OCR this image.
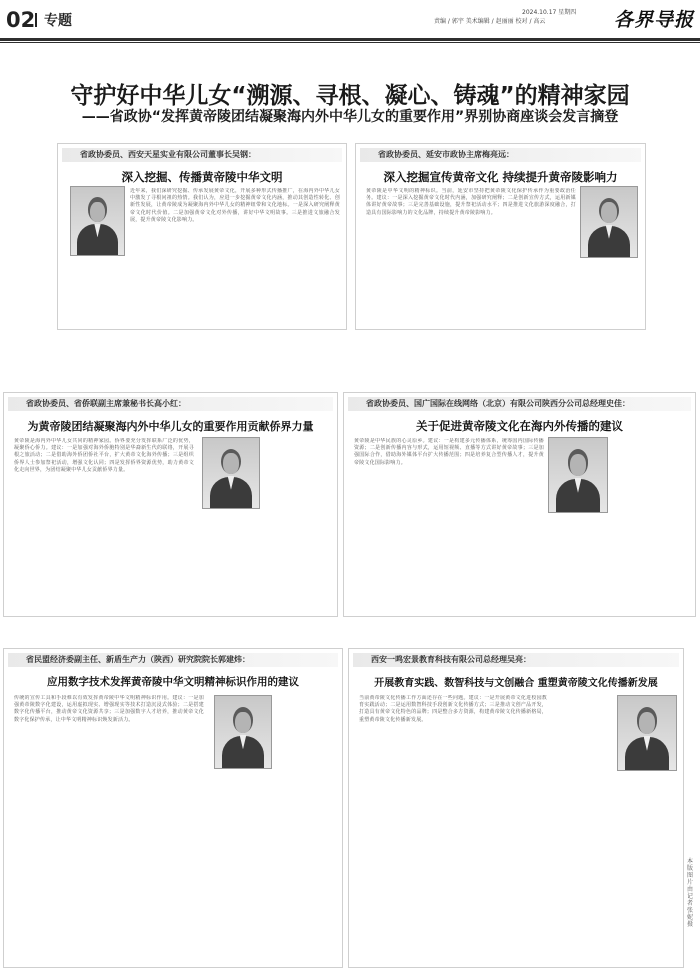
02 专题
2024.10.17 星期四
责编 / 郭宇 美术编辑 / 赵丽丽 校对 / 高云	各界导报
守护好中华儿女“溯源、寻根、凝心、铸魂”的精神家园
——省政协“发挥黄帝陵团结凝聚海内外中华儿女的重要作用”界别协商座谈会发言摘登
省政协委员、西安天星实业有限公司董事长吴钢：
深入挖掘、传播黄帝陵中华文明
近年来，我们深研究挖掘、传承发展黄帝文化，开展多种形式传播推广，在海内外中华儿女中激发了寻根问祖的热情。我们认为，应进一步挖掘黄帝文化内涵，推动其创造性转化、创新性发展，让黄帝陵成为凝聚海内外中华儿女的精神纽带和文化地标。一是深入研究阐释黄帝文化时代价值。二是加强黄帝文化对外传播，讲好中华文明故事。三是推进文旅融合发展，提升黄帝陵文化影响力。
省政协委员、延安市政协主席梅亮远：
深入挖掘宣传黄帝文化 持续提升黄帝陵影响力
黄帝陵是中华文明的精神标识。当前，延安市坚持把黄帝陵文化保护传承作为重要政治任务。建议：一是深入挖掘黄帝文化时代内涵，加强研究阐释；二是创新宣传方式，运用新媒体讲好黄帝故事；三是完善基础设施，提升祭祀活动水平；四是推进文化旅游深度融合，打造具有国际影响力的文化品牌，持续提升黄帝陵影响力。
省政协委员、省侨联副主席兼秘书长高小红：
为黄帝陵团结凝聚海内外中华儿女的重要作用贡献侨界力量
黄帝陵是海内外中华儿女共同的精神家园。侨界要充分发挥联系广泛的优势，凝聚侨心侨力。建议：一是加强对海外侨胞特别是华裔新生代的联络，开展寻根之旅活动；二是借助海外侨团侨社平台，扩大黄帝文化海外传播；三是组织侨界人士参加祭祀活动，增强文化认同；四是发挥侨界资源优势，助力黄帝文化走向世界，为团结凝聚中华儿女贡献侨界力量。
省政协委员、国广国际在线网络（北京）有限公司陕西分公司总经理史佳：
关于促进黄帝陵文化在海内外传播的建议
黄帝陵是中华民族的心灵原乡。建议：一是构建多元传播体系，统筹国内国际传播资源；二是创新传播内容与形式，运用短视频、直播等方式讲好黄帝故事；三是加强国际合作，借助海外媒体平台扩大传播范围；四是培养复合型传播人才，提升黄帝陵文化国际影响力。
省民盟经济委副主任、新盾生产力（陕西）研究院院长郭建炜：
应用数字技术发挥黄帝陵中华文明精神标识作用的建议
传统的宣传工具和手段难以有效发挥黄帝陵中华文明精神标识作用。建议：一是加强黄帝陵数字化建设，运用虚拟现实、增强现实等技术打造沉浸式体验；二是搭建数字化传播平台，推动黄帝文化资源共享；三是加强数字人才培养，推动黄帝文化数字化保护传承，让中华文明精神标识焕发新活力。
西安一鸣宏景教育科技有限公司总经理吴亮：
开展教育实践、数智科技与文创融合 重塑黄帝陵文化传播新发展
当前黄帝陵文化传播工作方面还存在一些问题。建议：一是开展黄帝文化进校园教育实践活动；二是运用数智科技手段创新文化传播方式；三是推动文创产品开发，打造具有黄帝文化特色的品牌；四是整合多方资源，构建黄帝陵文化传播新格局，重塑黄帝陵文化传播新发展。
本版图片由记者张妮摄
